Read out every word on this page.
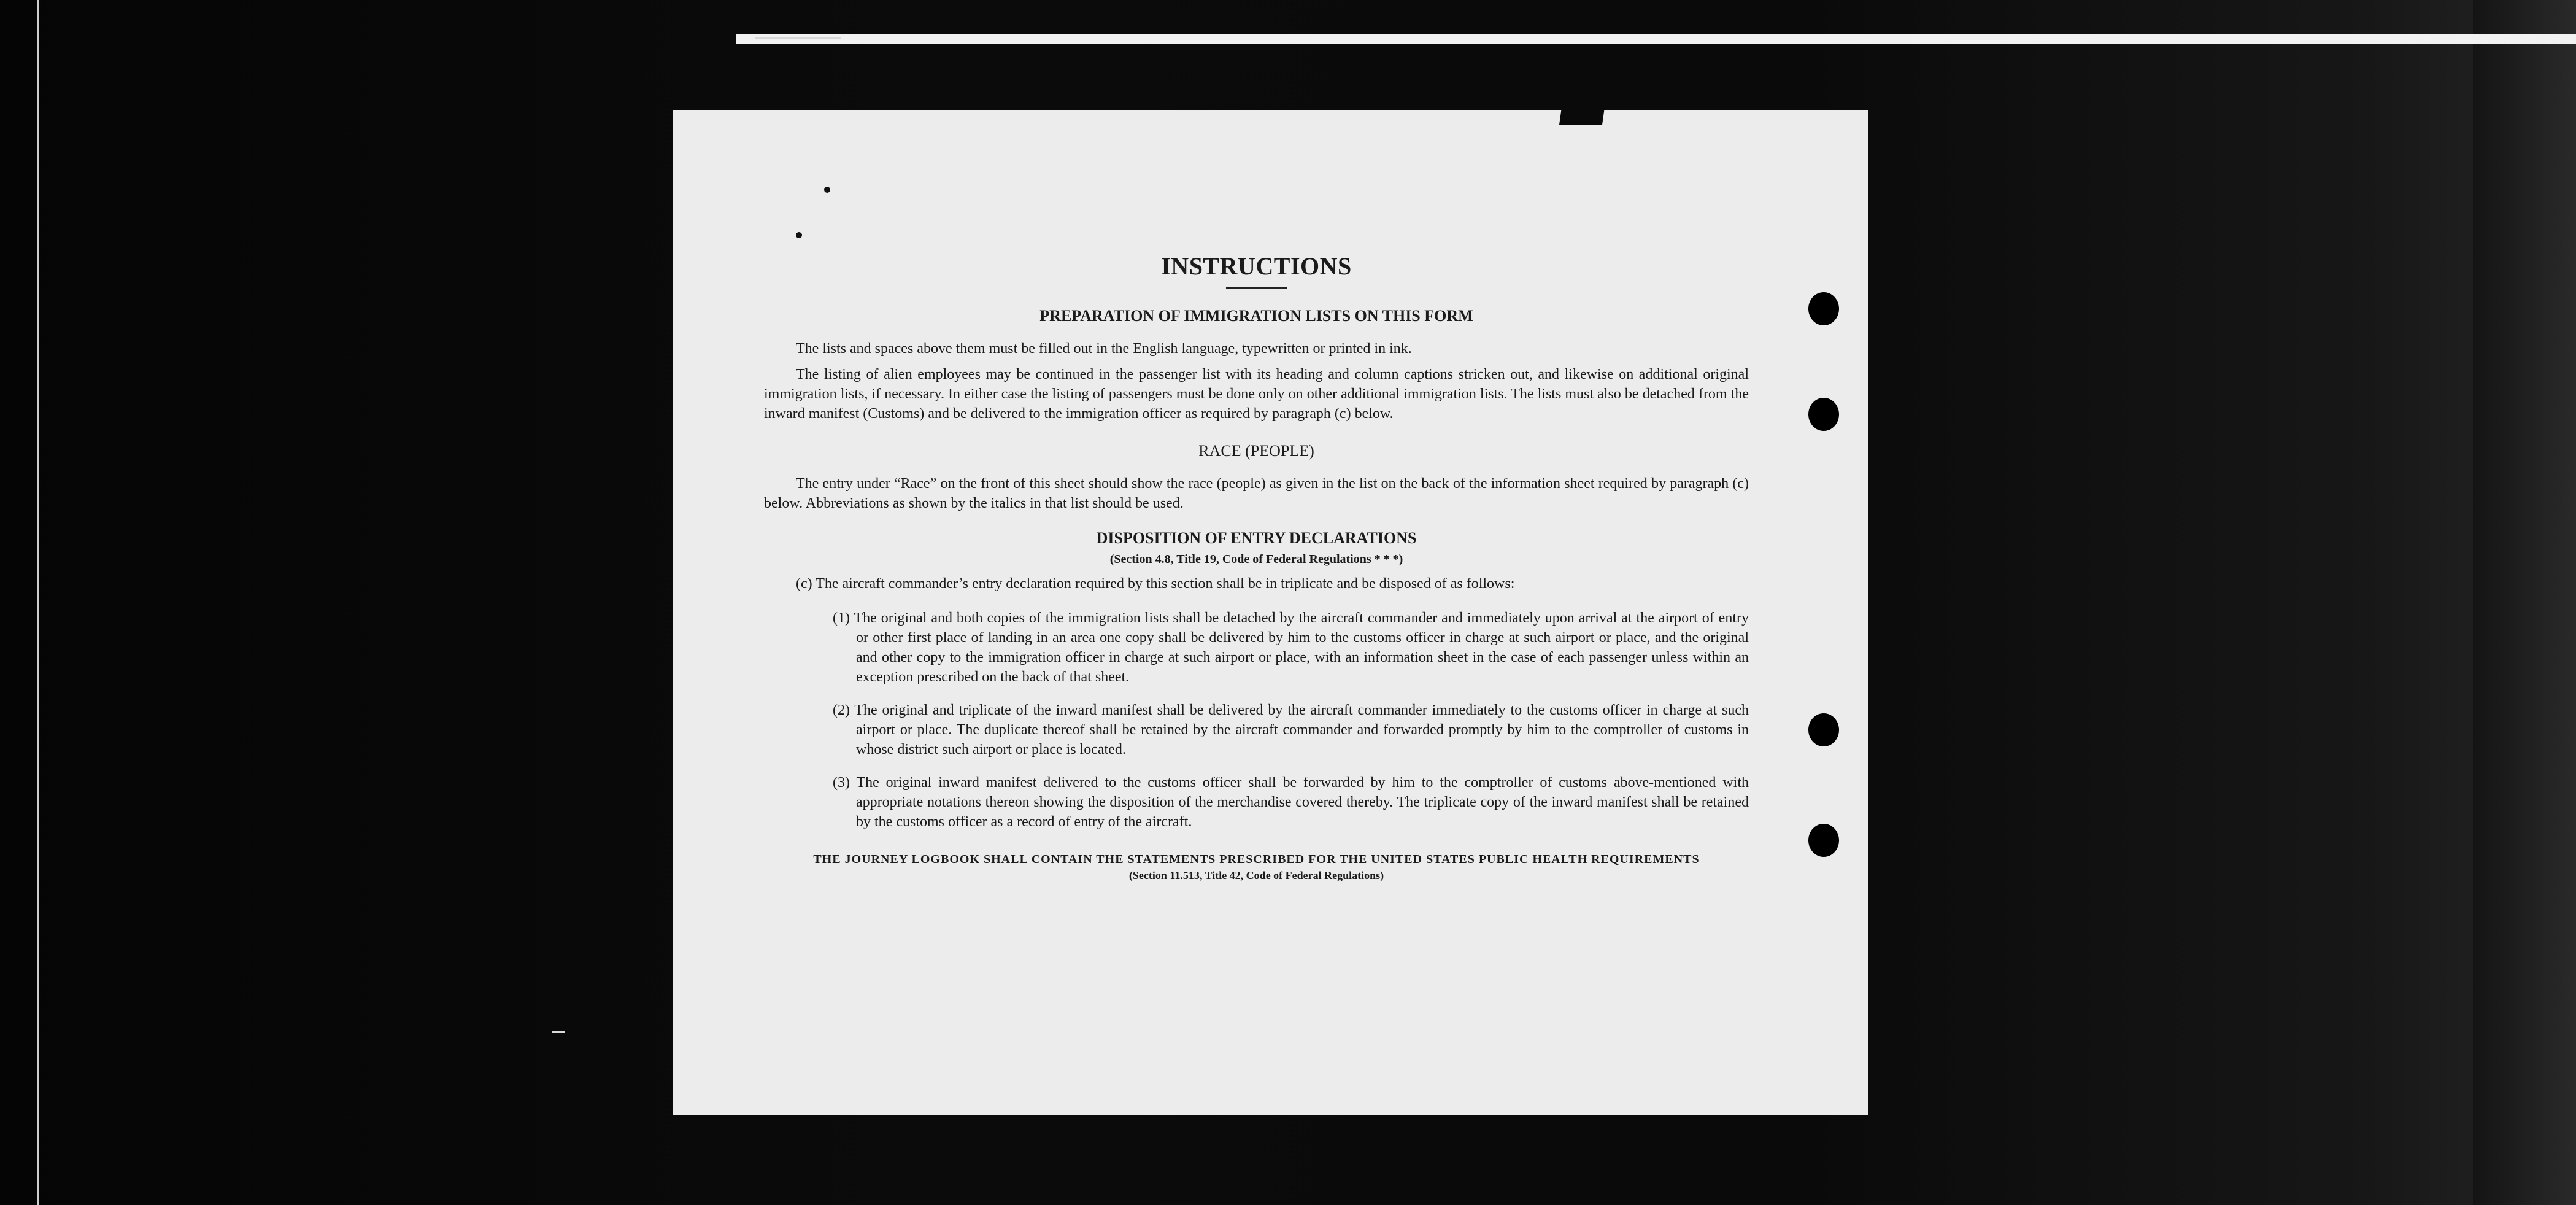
INSTRUCTIONS
PREPARATION OF IMMIGRATION LISTS ON THIS FORM

The lists and spaces above them must be filled out in the English language, typewritten or printed in ink.

The listing of alien employees may be continued in the passenger list with its heading and column captions stricken out, and likewise on additional original immigration lists, if necessary. In either case the listing of passengers must be done only on other additional immigration lists. The lists must also be detached from the inward manifest (Customs) and be delivered to the immigration officer as required by paragraph (c) below.

RACE (PEOPLE)

The entry under “Race” on the front of this sheet should show the race (people) as given in the list on the back of the information sheet required by paragraph (c) below. Abbreviations as shown by the italics in that list should be used.

DISPOSITION OF ENTRY DECLARATIONS

(Section 4.8, Title 19, Code of Federal Regulations * * *)

(c) The aircraft commander’s entry declaration required by this section shall be in triplicate and be disposed of as follows:

(1) The original and both copies of the immigration lists shall be detached by the aircraft commander and immediately upon arrival at the airport of entry or other first place of landing in an area one copy shall be delivered by him to the customs officer in charge at such airport or place, and the original and other copy to the immigration officer in charge at such airport or place, with an information sheet in the case of each passenger unless within an exception prescribed on the back of that sheet.

(2) The original and triplicate of the inward manifest shall be delivered by the aircraft commander immediately to the customs officer in charge at such airport or place. The duplicate thereof shall be retained by the aircraft commander and forwarded promptly by him to the comptroller of customs in whose district such airport or place is located.

(3) The original inward manifest delivered to the customs officer shall be forwarded by him to the comptroller of customs above-mentioned with appropriate notations thereon showing the disposition of the merchandise covered thereby. The triplicate copy of the inward manifest shall be retained by the customs officer as a record of entry of the aircraft.

THE JOURNEY LOGBOOK SHALL CONTAIN THE STATEMENTS PRESCRIBED FOR THE UNITED STATES PUBLIC HEALTH REQUIREMENTS

(Section 11.513, Title 42, Code of Federal Regulations)
